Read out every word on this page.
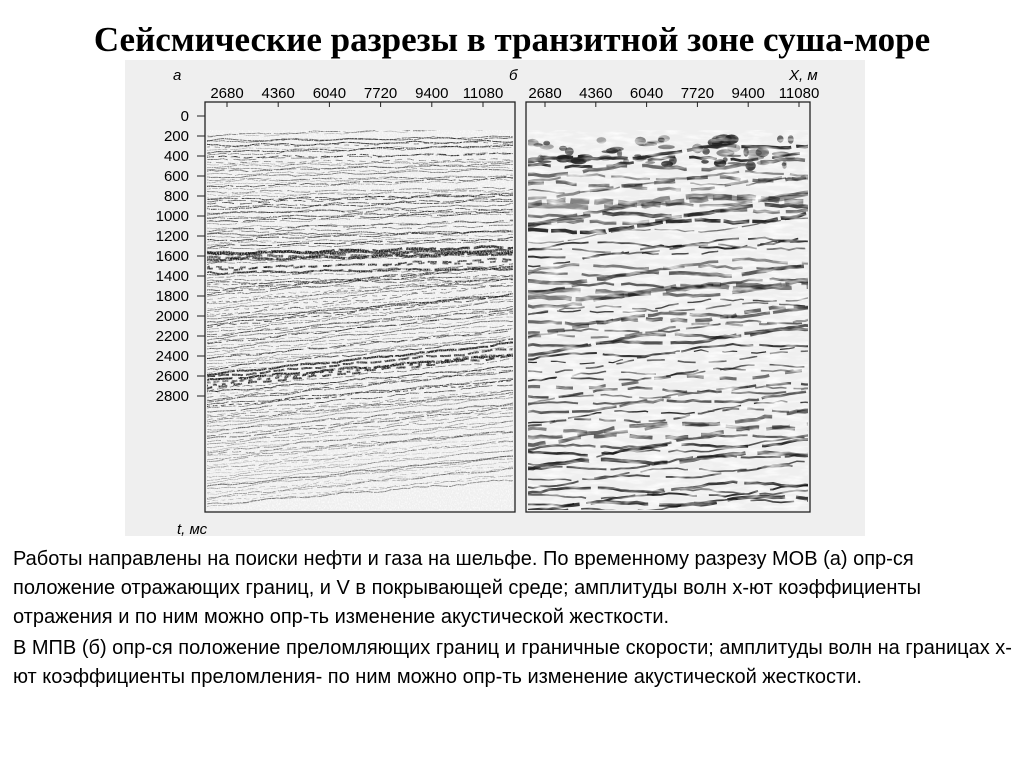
Сейсмические разрезы в транзитной зоне суша-море
а	б	X, м
t, мс
2680 4360 6040 7720 9400 11080 2680 4360 6040 7720 9400 11080
0
200
400
600
800
1000
1200
1600
1400
1800
2000
2200
2400
2600
2800

Работы направлены на поиски нефти и газа на шельфе. По временному разрезу МОВ (а) опр-ся положение отражающих границ, и V в покрывающей среде; амплитуды волн х-ют коэффициенты отражения и по ним можно опр-ть изменение акустической жесткости.

В МПВ (б) опр-ся положение преломляющих границ и граничные скорости; амплитуды волн на границах х-ют коэффициенты преломления- по ним можно опр-ть изменение акустической жесткости.
